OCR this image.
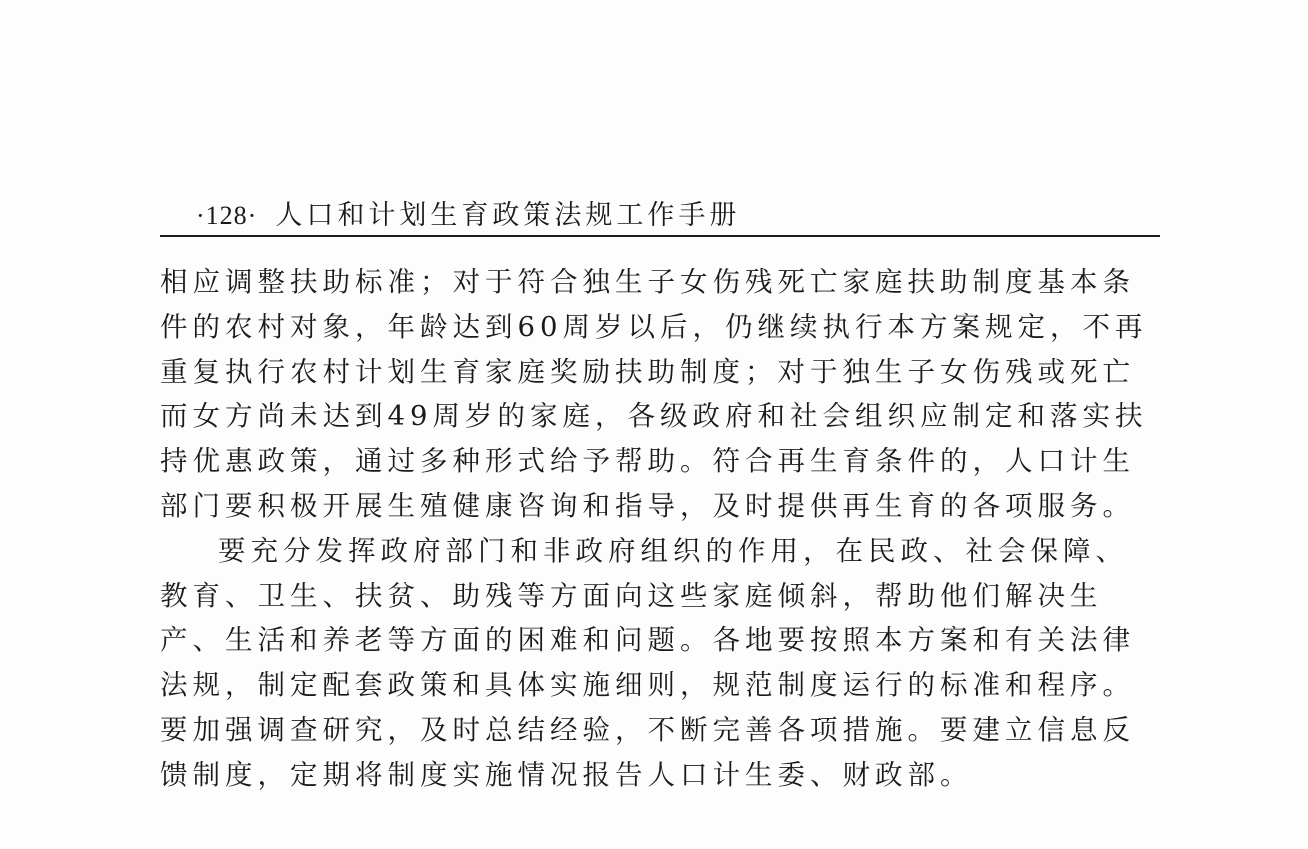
·128· 人口和计划生育政策法规工作手册
相应调整扶助标准；对于符合独生子女伤残死亡家庭扶助制度基本条
件的农村对象，年龄达到60周岁以后，仍继续执行本方案规定，不再
重复执行农村计划生育家庭奖励扶助制度；对于独生子女伤残或死亡
而女方尚未达到49周岁的家庭，各级政府和社会组织应制定和落实扶
持优惠政策，通过多种形式给予帮助。符合再生育条件的，人口计生
部门要积极开展生殖健康咨询和指导，及时提供再生育的各项服务。
要充分发挥政府部门和非政府组织的作用，在民政、社会保障、
教育、卫生、扶贫、助残等方面向这些家庭倾斜，帮助他们解决生
产、生活和养老等方面的困难和问题。各地要按照本方案和有关法律
法规，制定配套政策和具体实施细则，规范制度运行的标准和程序。
要加强调查研究，及时总结经验，不断完善各项措施。要建立信息反
馈制度，定期将制度实施情况报告人口计生委、财政部。
